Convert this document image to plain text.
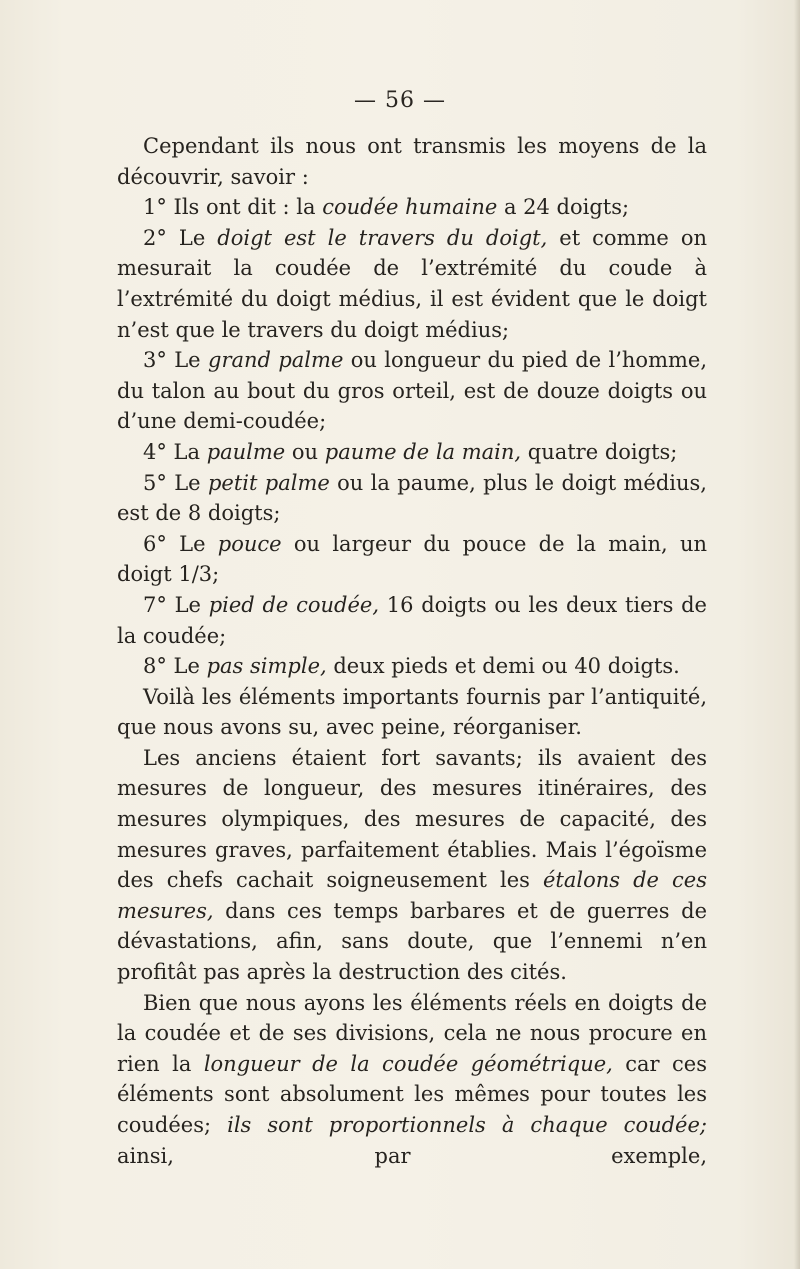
— 56 —

Cependant ils nous ont transmis les moyens de la découvrir, savoir :

1° Ils ont dit : la coudée humaine a 24 doigts;

2° Le doigt est le travers du doigt, et comme on mesurait la coudée de l’extrémité du coude à l’extrémité du doigt médius, il est évident que le doigt n’est que le travers du doigt médius;

3° Le grand palme ou longueur du pied de l’homme, du talon au bout du gros orteil, est de douze doigts ou d’une demi-coudée;

4° La paulme ou paume de la main, quatre doigts;

5° Le petit palme ou la paume, plus le doigt médius, est de 8 doigts;

6° Le pouce ou largeur du pouce de la main, un doigt 1/3;

7° Le pied de coudée, 16 doigts ou les deux tiers de la coudée;

8° Le pas simple, deux pieds et demi ou 40 doigts.

Voilà les éléments importants fournis par l’antiquité, que nous avons su, avec peine, réorganiser.

Les anciens étaient fort savants; ils avaient des mesures de longueur, des mesures itinéraires, des mesures olympiques, des mesures de capacité, des mesures graves, parfaitement établies. Mais l’égoïsme des chefs cachait soigneusement les étalons de ces mesures, dans ces temps barbares et de guerres de dévastations, afin, sans doute, que l’ennemi n’en profitât pas après la destruction des cités.

Bien que nous ayons les éléments réels en doigts de la coudée et de ses divisions, cela ne nous procure en rien la longueur de la coudée géométrique, car ces éléments sont absolument les mêmes pour toutes les coudées; ils sont proportionnels à chaque coudée; ainsi, par exemple,
